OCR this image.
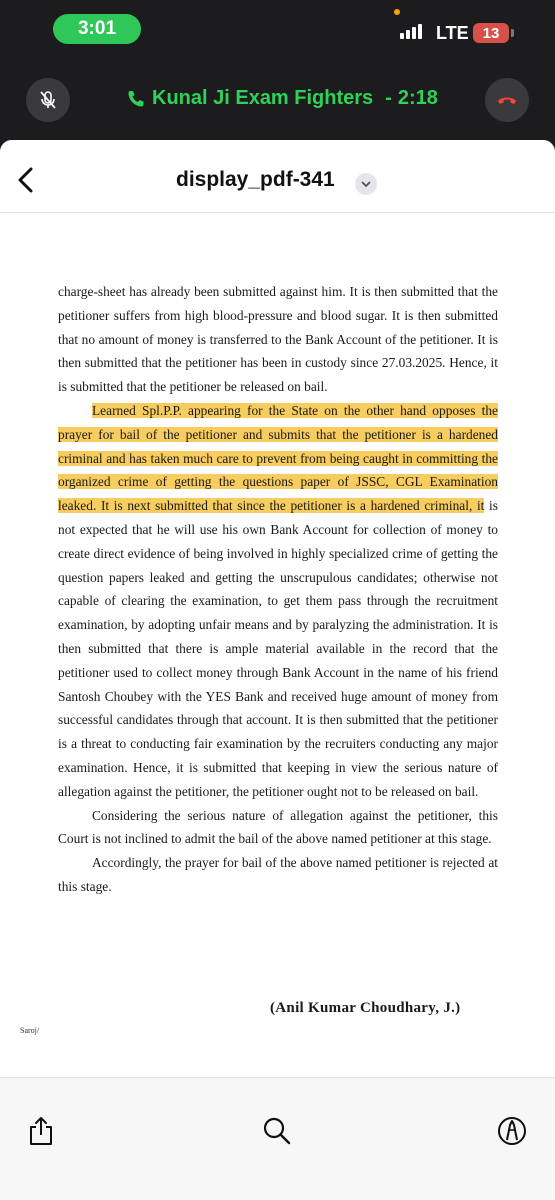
3:01	LTE 13
Kunal Ji Exam Fighters - 2:18
display_pdf-341

charge-sheet has already been submitted against him. It is then submitted that the petitioner suffers from high blood-pressure and blood sugar. It is then submitted that no amount of money is transferred to the Bank Account of the petitioner. It is then submitted that the petitioner has been in custody since 27.03.2025. Hence, it is submitted that the petitioner be released on bail.

Learned Spl.P.P. appearing for the State on the other hand opposes the prayer for bail of the petitioner and submits that the petitioner is a hardened criminal and has taken much care to prevent from being caught in committing the organized crime of getting the questions paper of JSSC, CGL Examination leaked. It is next submitted that since the petitioner is a hardened criminal, it is not expected that he will use his own Bank Account for collection of money to create direct evidence of being involved in highly specialized crime of getting the question papers leaked and getting the unscrupulous candidates; otherwise not capable of clearing the examination, to get them pass through the recruitment examination, by adopting unfair means and by paralyzing the administration. It is then submitted that there is ample material available in the record that the petitioner used to collect money through Bank Account in the name of his friend Santosh Choubey with the YES Bank and received huge amount of money from successful candidates through that account. It is then submitted that the petitioner is a threat to conducting fair examination by the recruiters conducting any major examination. Hence, it is submitted that keeping in view the serious nature of allegation against the petitioner, the petitioner ought not to be released on bail.

Considering the serious nature of allegation against the petitioner, this Court is not inclined to admit the bail of the above named petitioner at this stage.

Accordingly, the prayer for bail of the above named petitioner is rejected at this stage.

(Anil Kumar Choudhary, J.)
Saroj/
